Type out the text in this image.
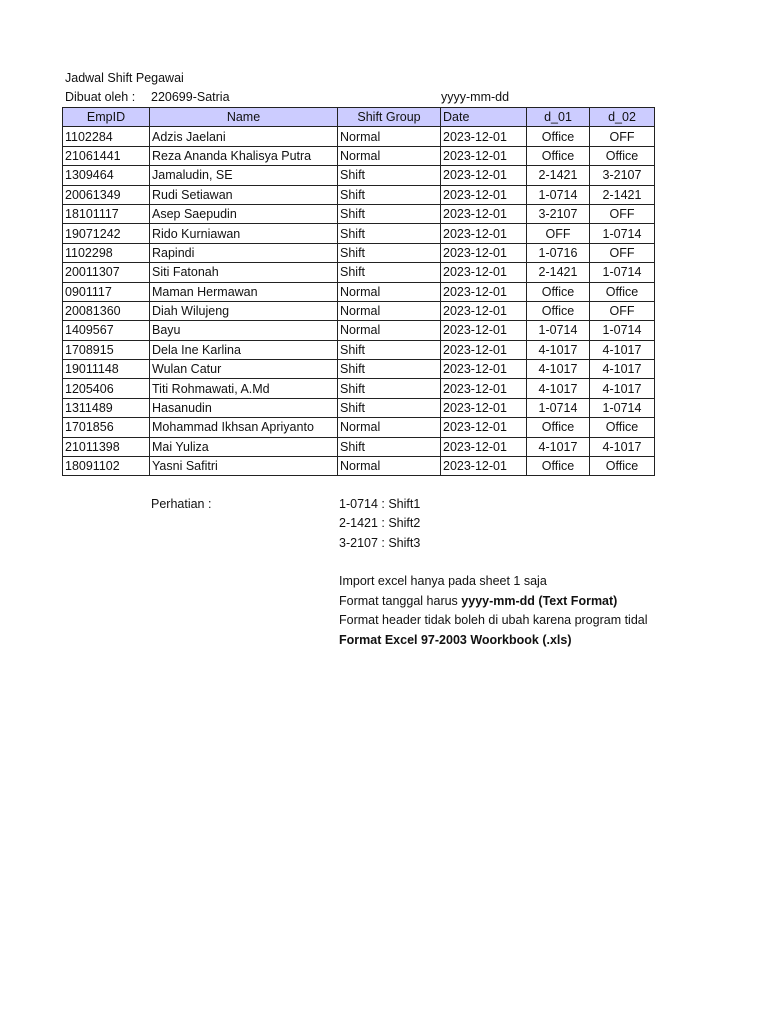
Jadwal Shift Pegawai
Dibuat oleh : 220699-Satria	yyyy-mm-dd
EmpID	Name	Shift Group	Date	d_01	d_02
1102284	Adzis Jaelani	Normal	2023-12-01	Office	OFF
21061441	Reza Ananda Khalisya Putra	Normal	2023-12-01	Office	Office
1309464	Jamaludin, SE	Shift	2023-12-01	2-1421	3-2107
20061349	Rudi Setiawan	Shift	2023-12-01	1-0714	2-1421
18101117	Asep Saepudin	Shift	2023-12-01	3-2107	OFF
19071242	Rido Kurniawan	Shift	2023-12-01	OFF	1-0714
1102298	Rapindi	Shift	2023-12-01	1-0716	OFF
20011307	Siti Fatonah	Shift	2023-12-01	2-1421	1-0714
0901117	Maman Hermawan	Normal	2023-12-01	Office	Office
20081360	Diah Wilujeng	Normal	2023-12-01	Office	OFF
1409567	Bayu	Normal	2023-12-01	1-0714	1-0714
1708915	Dela Ine Karlina	Shift	2023-12-01	4-1017	4-1017
19011148	Wulan Catur	Shift	2023-12-01	4-1017	4-1017
1205406	Titi Rohmawati, A.Md	Shift	2023-12-01	4-1017	4-1017
1311489	Hasanudin	Shift	2023-12-01	1-0714	1-0714
1701856	Mohammad Ikhsan Apriyanto	Normal	2023-12-01	Office	Office
21011398	Mai Yuliza	Shift	2023-12-01	4-1017	4-1017
18091102	Yasni Safitri	Normal	2023-12-01	Office	Office
Perhatian :	1-0714 : Shift1
2-1421 : Shift2
3-2107 : Shift3
Import excel hanya pada sheet 1 saja
Format tanggal harus yyyy-mm-dd (Text Format)
Format header tidak boleh di ubah karena program tidal
Format Excel 97-2003 Woorkbook (.xls)
